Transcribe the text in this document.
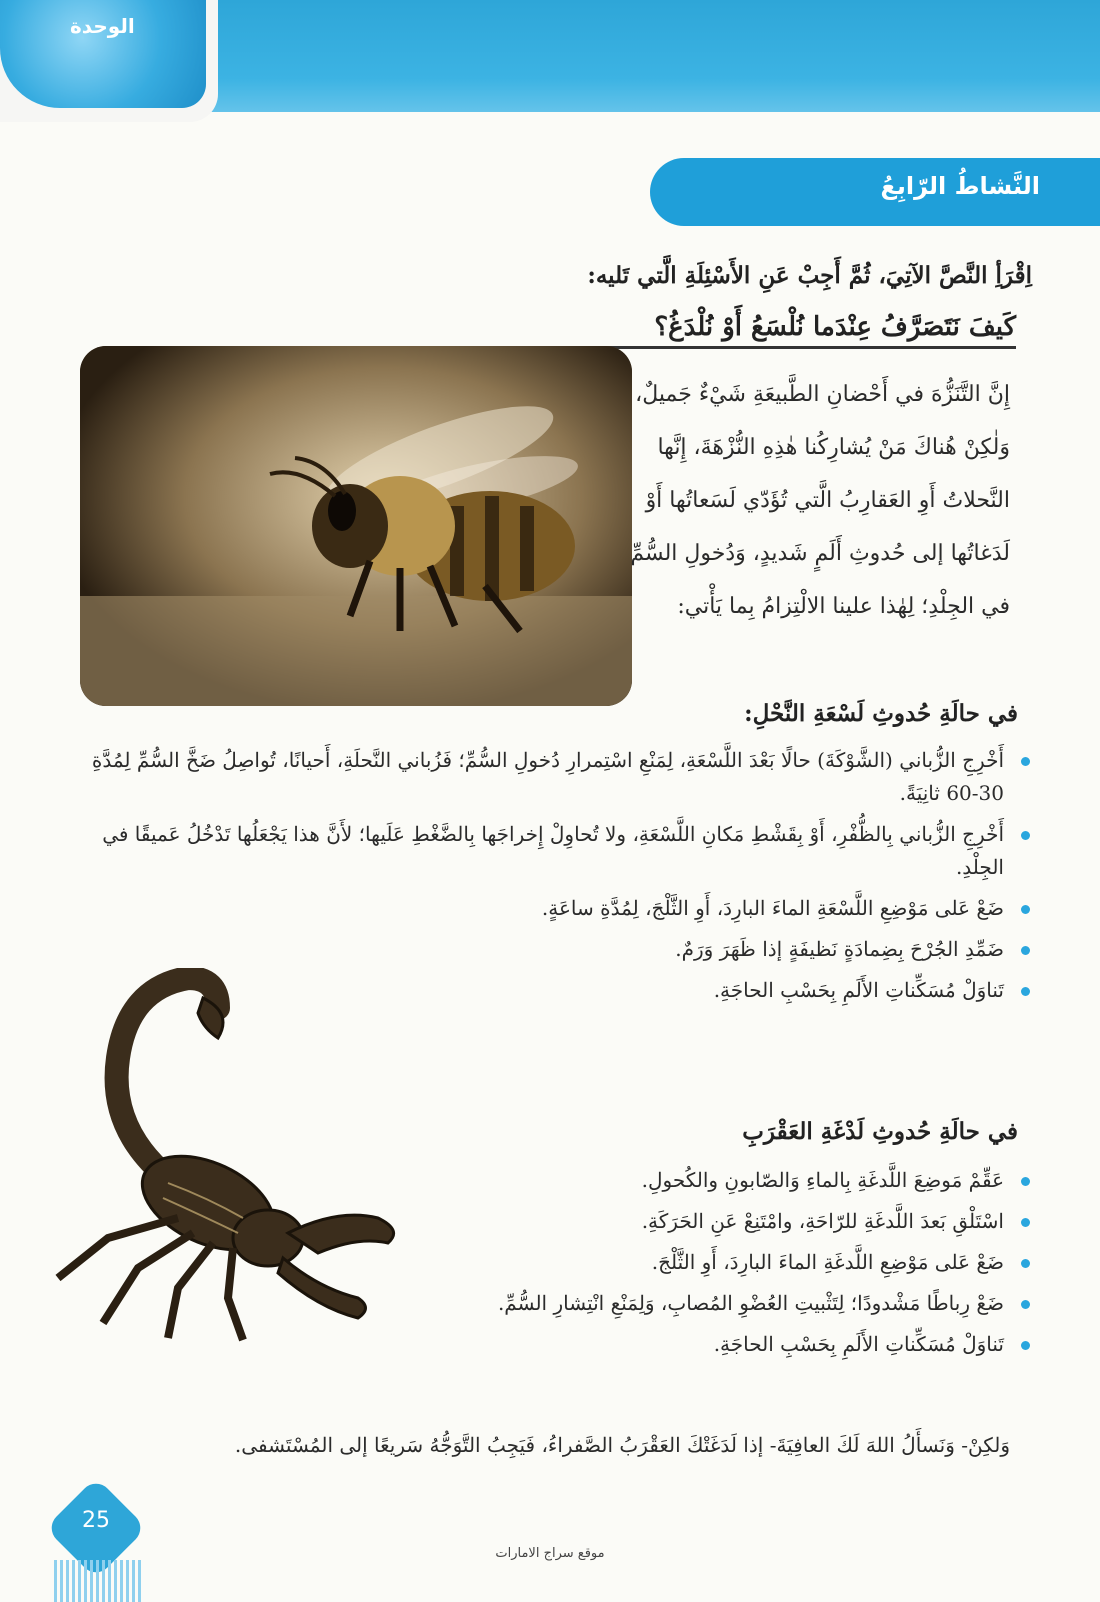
الوحدة
النَّشاطُ الرّابِعُ
اِقْرَأِ النَّصَّ الآتِيَ، ثُمَّ أَجِبْ عَنِ الأَسْئِلَةِ الَّتي تَليه:
كَيفَ نَتَصَرَّفُ عِنْدَما نُلْسَعُ أَوْ نُلْدَغُ؟
إِنَّ التَّنَزُّهَ في أَحْضانِ الطَّبيعَةِ شَيْءٌ جَميلٌ، وَلٰكِنْ هُناكَ مَنْ يُشارِكُنا هٰذِهِ النُّزْهَةَ، إِنَّها النَّحلاتُ أَوِ العَقارِبُ الَّتي تُؤَدّي لَسَعاتُها أَوْ لَدَغاتُها إلى حُدوثِ أَلَمٍ شَديدٍ، وَدُخولِ السُّمِّ في الجِلْدِ؛ لِهٰذا علينا الالْتِزامُ بِما يَأْتي:
في حالَةِ حُدوثِ لَسْعَةِ النَّحْلِ:
أَخْرِجِ الزُّباني (الشَّوْكَةَ) حالًا بَعْدَ اللَّسْعَةِ، لِمَنْعِ اسْتِمرارِ دُخولِ السُّمِّ؛ فَزُباني النَّحلَةِ، أَحيانًا، تُواصِلُ ضَخَّ السُّمِّ لِمُدَّةِ 30-60 ثانِيَةً.
أَخْرِجِ الزُّباني بِالظُّفْرِ، أَوْ بِقَشْطِ مَكانِ اللَّسْعَةِ، ولا تُحاوِلْ إِخراجَها بِالضَّغْطِ عَلَيها؛ لأَنَّ هذا يَجْعَلُها تَدْخُلُ عَميقًا في الجِلْدِ.
ضَعْ عَلى مَوْضِعِ اللَّسْعَةِ الماءَ البارِدَ، أَوِ الثَّلْجَ، لِمُدَّةِ ساعَةٍ.
ضَمِّدِ الجُرْحَ بِضِمادَةٍ نَظيفَةٍ إذا ظَهَرَ وَرَمٌ.
تَناوَلْ مُسَكِّناتِ الأَلَمِ بِحَسْبِ الحاجَةِ.
في حالَةِ حُدوثِ لَدْغَةِ العَقْرَبِ
عَقِّمْ مَوضِعَ اللَّدغَةِ بِالماءِ وَالصّابونِ والكُحولِ.
اسْتَلْقِ بَعدَ اللَّدغَةِ للرّاحَةِ، وامْتَنِعْ عَنِ الحَرَكَةِ.
ضَعْ عَلى مَوْضِعِ اللَّدغَةِ الماءَ البارِدَ، أَوِ الثَّلْجَ.
ضَعْ رِباطًا مَشْدودًا؛ لِتَثْبيتِ العُضْوِ المُصابِ، وَلِمَنْعِ انْتِشارِ السُّمِّ.
تَناوَلْ مُسَكِّناتِ الأَلَمِ بِحَسْبِ الحاجَةِ.
وَلكِنْ- وَنَسأَلُ اللهَ لَكَ العافِيَةَ- إذا لَدَغَتْكَ العَقْرَبُ الصَّفراءُ، فَيَجِبُ التَّوَجُّهُ سَريعًا إلى المُسْتَشفى.
25
موقع سراج الامارات
